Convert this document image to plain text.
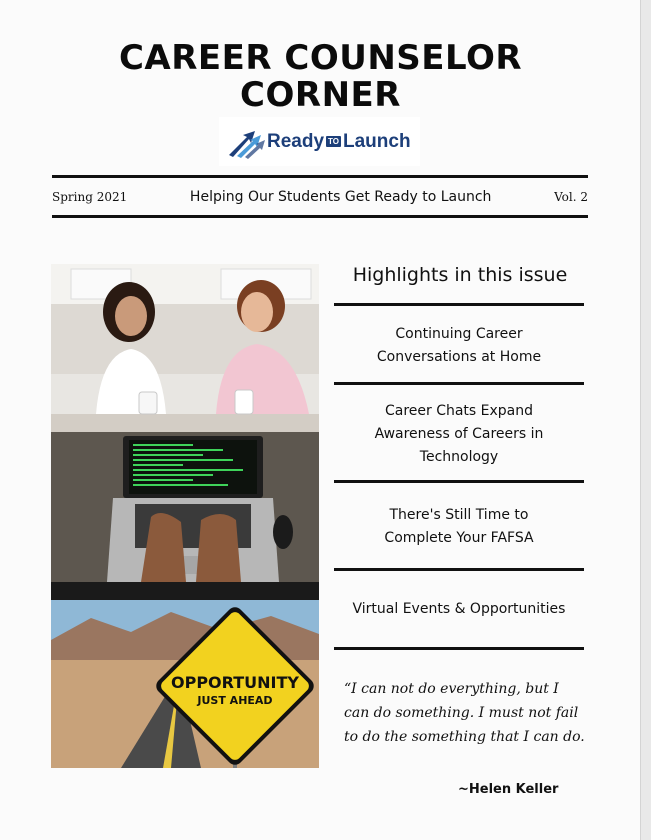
CAREER COUNSELOR
CORNER
Ready TO Launch
Spring 2021	Helping Our Students Get Ready to Launch	Vol. 2
OPPORTUNITY
JUST AHEAD
Highlights in this issue
Continuing Career
Conversations at Home
Career Chats Expand
Awareness of Careers in
Technology
There's Still Time to
Complete Your FAFSA
Virtual Events & Opportunities
“I can not do everything, but I can do something. I must not fail to do the something that I can do.
~Helen Keller
